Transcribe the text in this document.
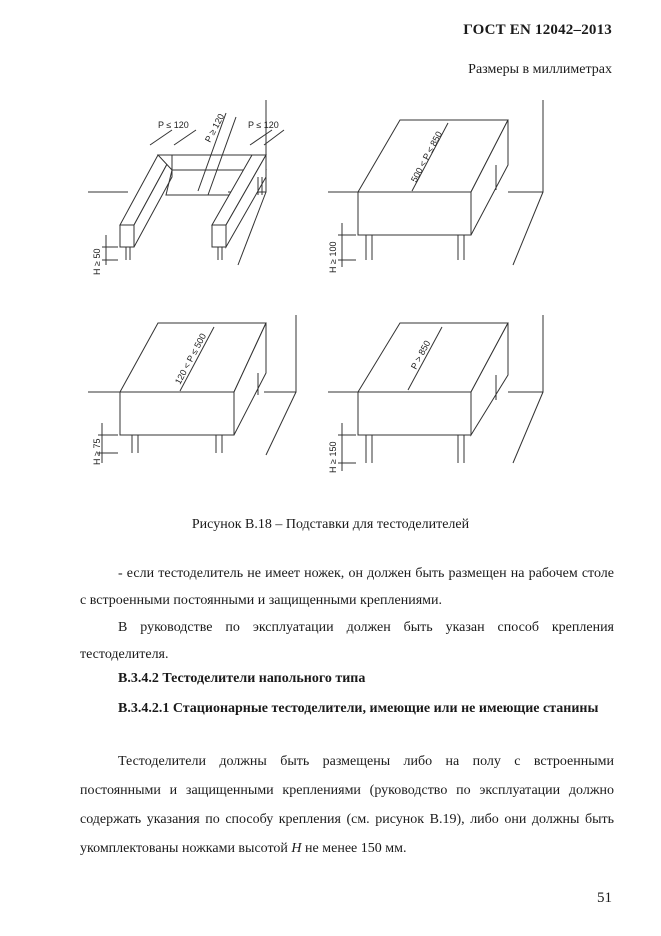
ГОСТ EN 12042–2013
Размеры в миллиметрах
P ≤ 120	P ≤ 120
P ≥ 120
H ≥ 50
500 < P ≤ 850
H ≥ 100
120 < P ≤ 500
H ≥ 75
P > 850
H ≥ 150
Рисунок В.18 – Подставки для тестоделителей
- если тестоделитель не имеет ножек, он должен быть размещен на рабочем столе с встроенными постоянными и защищенными креплениями.
В руководстве по эксплуатации должен быть указан способ крепления тестоделителя.
В.3.4.2 Тестоделители напольного типа
В.3.4.2.1 Стационарные тестоделители, имеющие или не имеющие станины
Тестоделители должны быть размещены либо на полу с встроенными постоянными и защищенными креплениями (руководство по эксплуатации должно содержать указания по способу крепления (см. рисунок В.19), либо они должны быть укомплектованы ножками высотой H не менее 150 мм.
51
